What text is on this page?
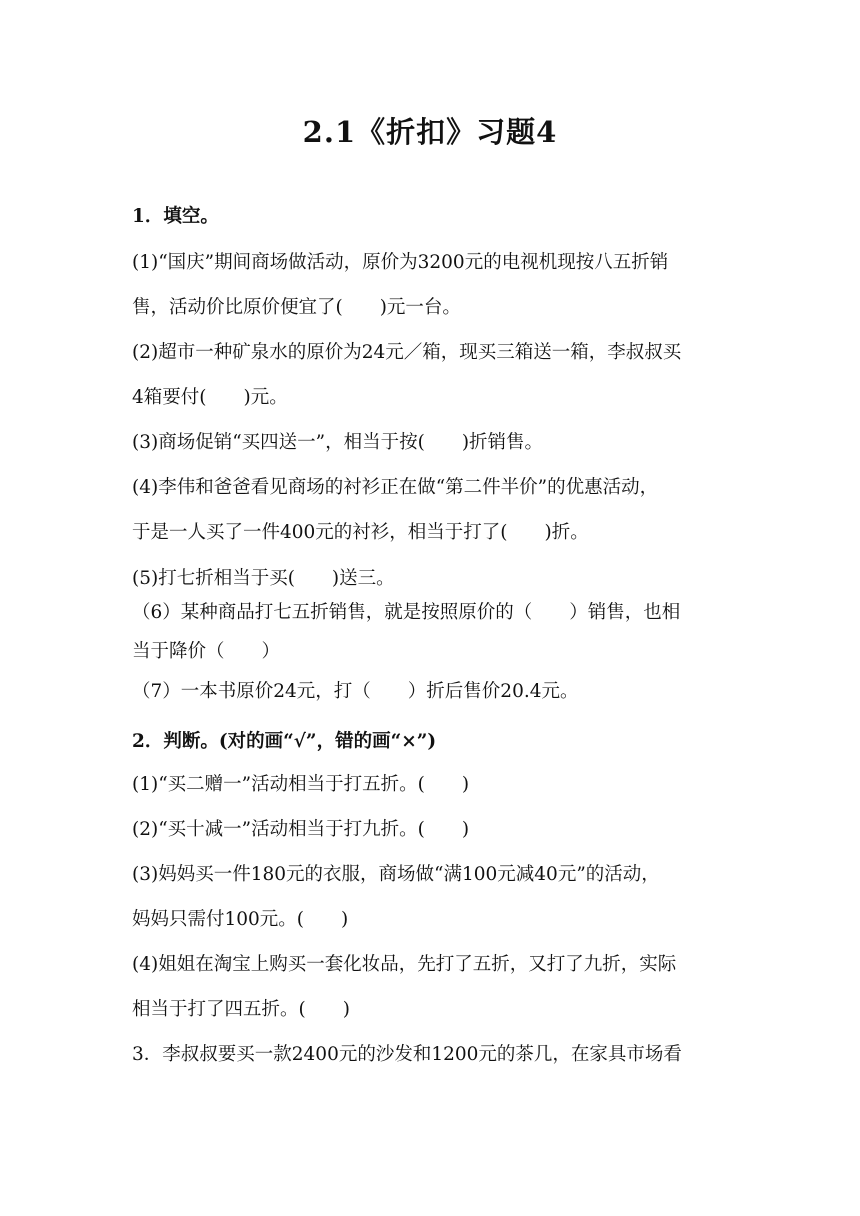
2.1《折扣》习题4
1．填空。
(1)“国庆”期间商场做活动，原价为3200元的电视机现按八五折销
售，活动价比原价便宜了(　　)元一台。
(2)超市一种矿泉水的原价为24元／箱，现买三箱送一箱，李叔叔买
4箱要付(　　)元。
(3)商场促销“买四送一”，相当于按(　　)折销售。
(4)李伟和爸爸看见商场的衬衫正在做“第二件半价”的优惠活动，
于是一人买了一件400元的衬衫，相当于打了(　　)折。
(5)打七折相当于买(　　)送三。
（6）某种商品打七五折销售，就是按照原价的（　　）销售，也相
当于降价（　　）
（7）一本书原价24元，打（　　）折后售价20.4元。
2．判断。(对的画“√”，错的画“×”)
(1)“买二赠一”活动相当于打五折。(　　)
(2)“买十减一”活动相当于打九折。(　　)
(3)妈妈买一件180元的衣服，商场做“满100元减40元”的活动，
妈妈只需付100元。(　　)
(4)姐姐在淘宝上购买一套化妆品，先打了五折，又打了九折，实际
相当于打了四五折。(　　)
3．李叔叔要买一款2400元的沙发和1200元的茶几，在家具市场看
